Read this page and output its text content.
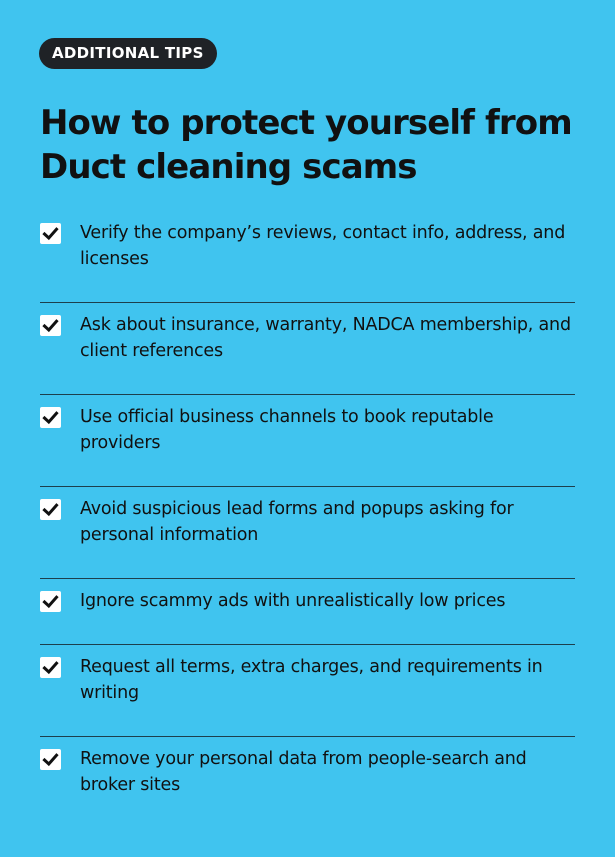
ADDITIONAL TIPS
How to protect yourself from Duct cleaning scams
Verify the company’s reviews, contact info, address, and licenses
Ask about insurance, warranty, NADCA membership, and client references
Use official business channels to book reputable providers
Avoid suspicious lead forms and popups asking for personal information
Ignore scammy ads with unrealistically low prices
Request all terms, extra charges, and requirements in writing
Remove your personal data from people-search and broker sites
